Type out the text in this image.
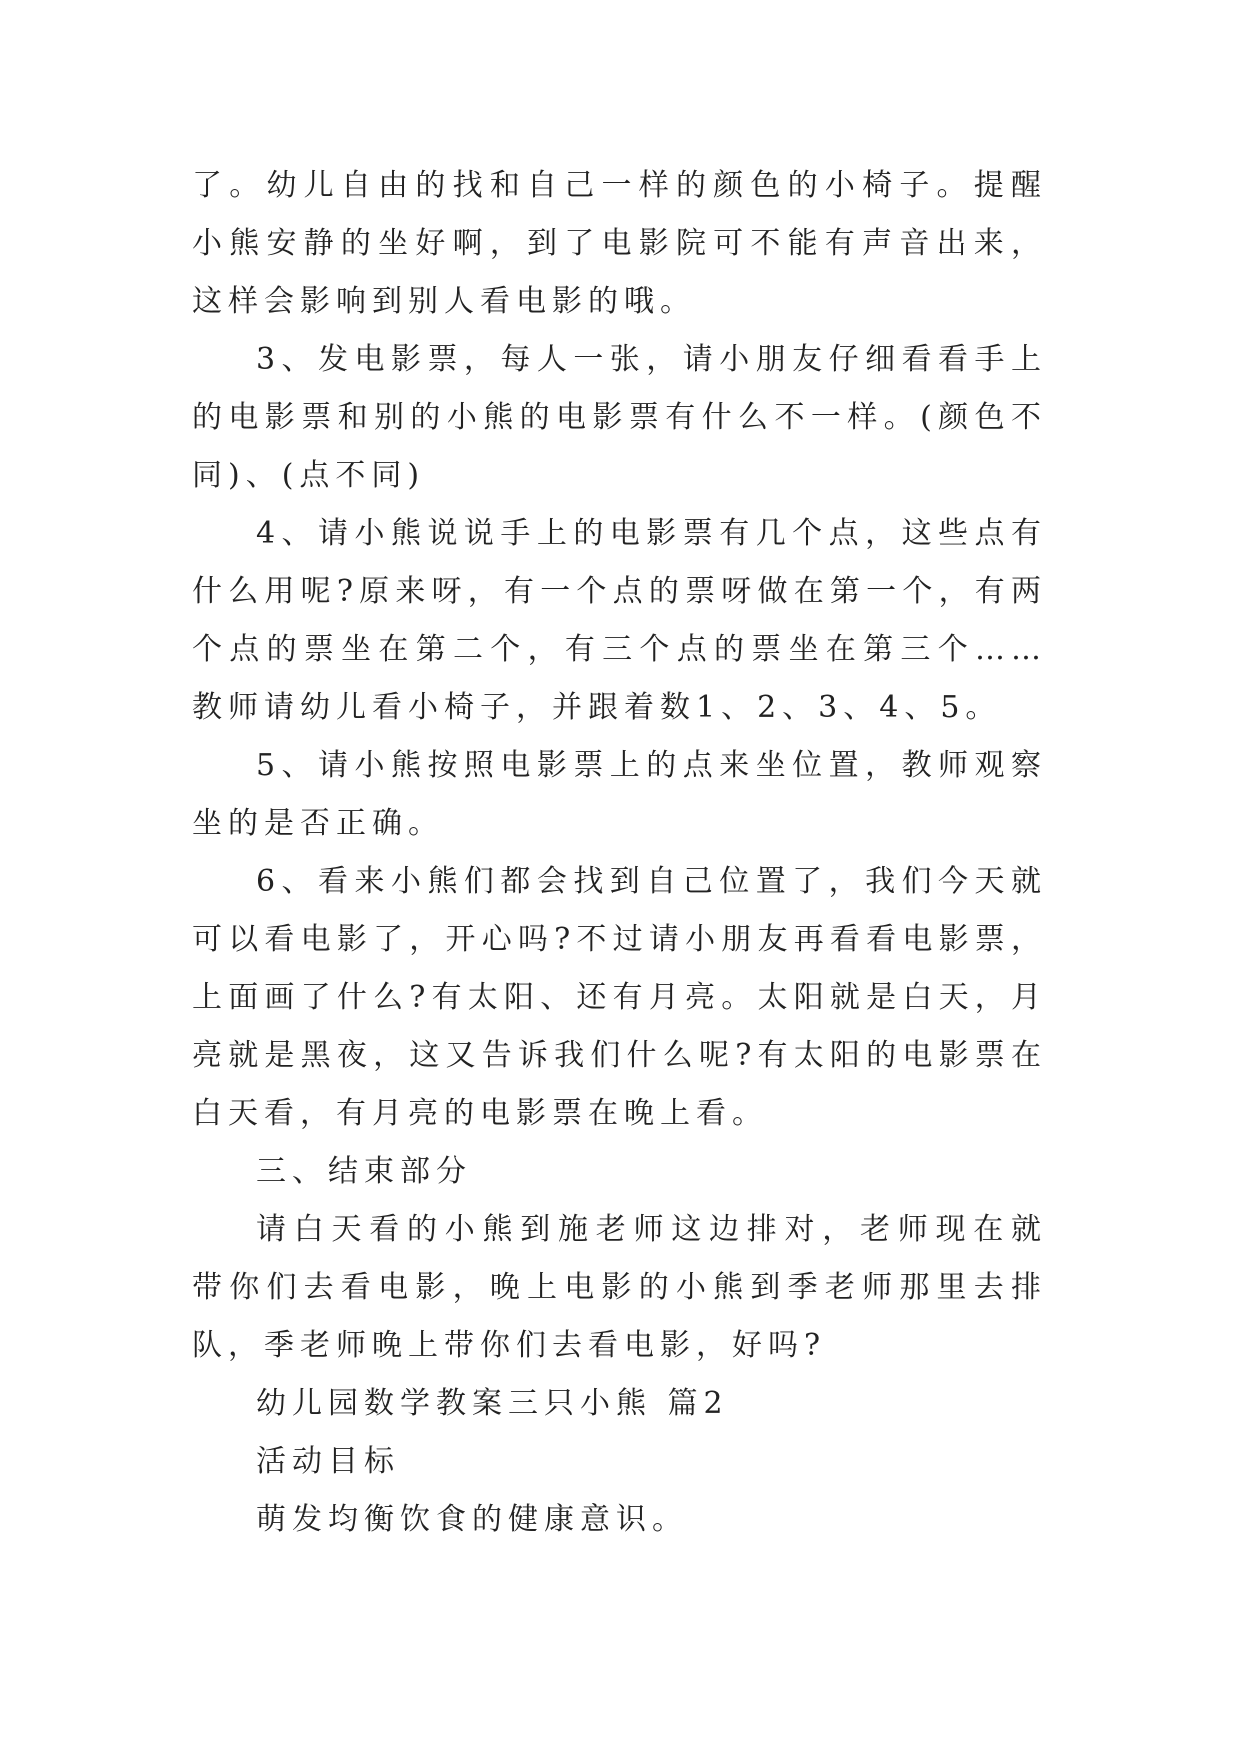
了。幼儿自由的找和自己一样的颜色的小椅子。提醒小熊安静的坐好啊，到了电影院可不能有声音出来，这样会影响到别人看电影的哦。

3、发电影票，每人一张，请小朋友仔细看看手上的电影票和别的小熊的电影票有什么不一样。(颜色不同)、(点不同)

4、请小熊说说手上的电影票有几个点，这些点有什么用呢?原来呀，有一个点的票呀做在第一个，有两个点的票坐在第二个，有三个点的票坐在第三个……教师请幼儿看小椅子，并跟着数1、2、3、4、5。

5、请小熊按照电影票上的点来坐位置，教师观察坐的是否正确。

6、看来小熊们都会找到自己位置了，我们今天就可以看电影了，开心吗?不过请小朋友再看看电影票，上面画了什么?有太阳、还有月亮。太阳就是白天，月亮就是黑夜，这又告诉我们什么呢?有太阳的电影票在白天看，有月亮的电影票在晚上看。

三、结束部分

请白天看的小熊到施老师这边排对，老师现在就带你们去看电影，晚上电影的小熊到季老师那里去排队，季老师晚上带你们去看电影，好吗?

幼儿园数学教案三只小熊 篇2

活动目标

萌发均衡饮食的健康意识。
